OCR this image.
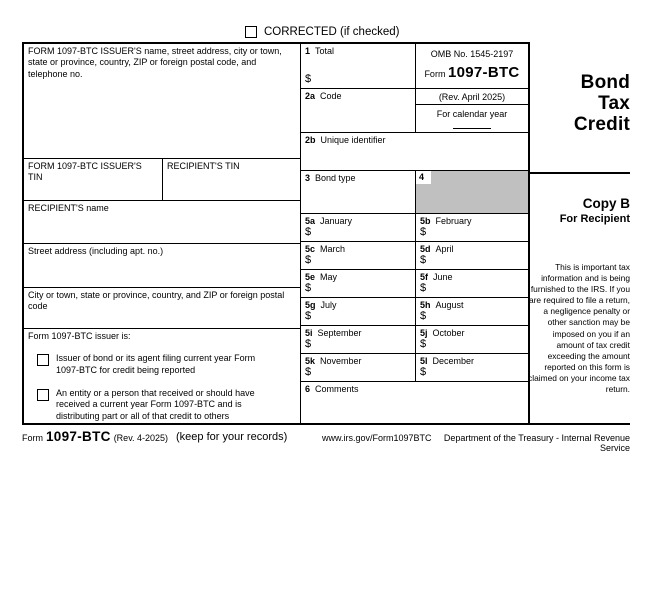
CORRECTED (if checked)
FORM 1097-BTC ISSUER'S name, street address, city or town, state or province, country, ZIP or foreign postal code, and telephone no.
FORM 1097-BTC ISSUER'S TIN
RECIPIENT'S TIN
RECIPIENT'S name
Street address (including apt. no.)
City or town, state or province, country, and ZIP or foreign postal code
Form 1097-BTC issuer is:
Issuer of bond or its agent filing current year Form 1097-BTC for credit being reported
An entity or a person that received or should have received a current year Form 1097-BTC and is distributing part or all of that credit to others
1 Total
$
OMB No. 1545-2197
Form 1097-BTC
2a Code	(Rev. April 2025)
For calendar year
2b Unique identifier
3 Bond type	4
5a January
$
5b February
$
5c March
$
5d April
$
5e May
$
5f June
$
5g July
$
5h August
$
5i September
$
5j October
$
5k November
$
5l December
$
6 Comments
Bond
Tax
Credit
Copy B
For Recipient
This is important tax information and is being furnished to the IRS. If you are required to file a return, a negligence penalty or other sanction may be imposed on you if an amount of tax credit exceeding the amount reported on this form is claimed on your income tax return.
Form 1097-BTC (Rev. 4-2025) (keep for your records)	www.irs.gov/Form1097BTC	Department of the Treasury - Internal Revenue Service
